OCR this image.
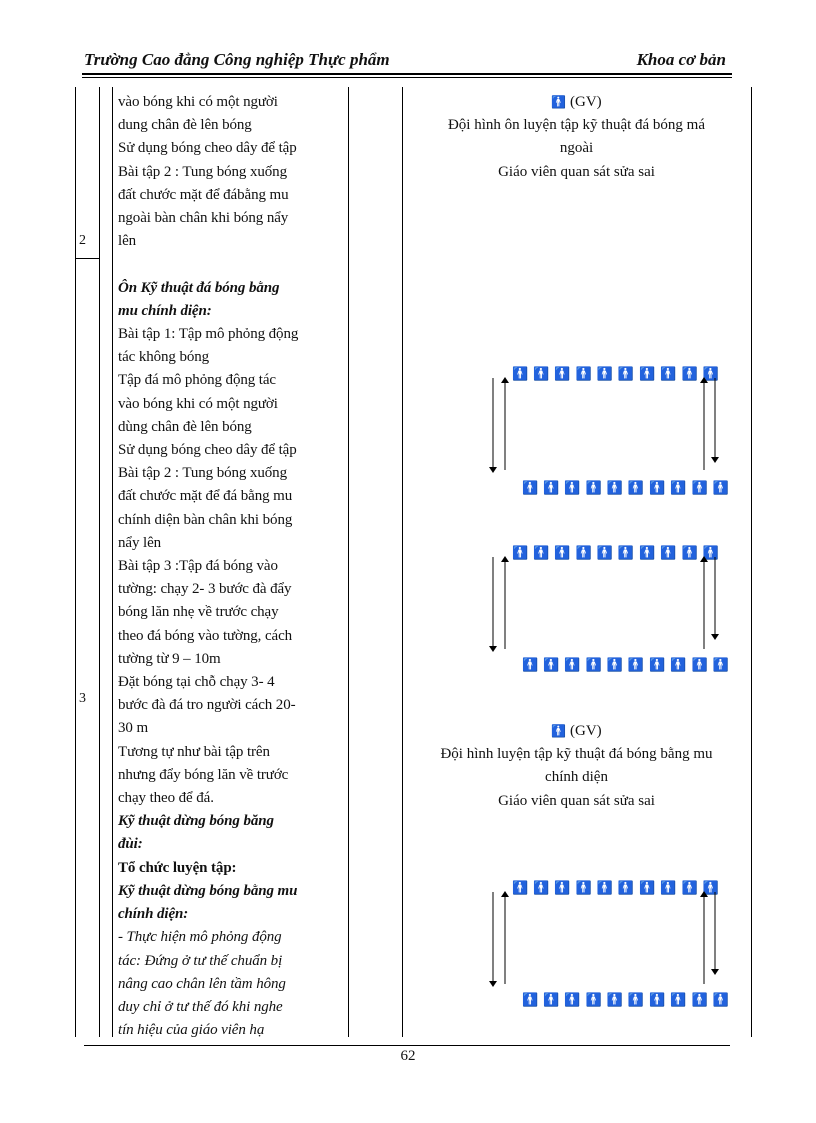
Trường Cao đẳng Công nghiệp Thực phẩm	Khoa cơ bản
2
3

vào bóng khi có một người

dung chân đè lên bóng

Sử dụng bóng cheo dây để tập

Bài tập 2 : Tung bóng xuống

đất chước mặt để đábằng mu

ngoài bàn chân khi bóng nẩy

lên

Ôn Kỹ thuật đá bóng bằng

mu chính diện:

Bài tập 1: Tập mô phỏng động

tác không bóng

Tập đá mô phỏng động tác

vào bóng khi có một người

dùng chân đè lên bóng

Sử dụng bóng cheo dây để tập

Bài tập 2 : Tung bóng xuống

đất chước mặt để đá bằng mu

chính diện bàn chân khi bóng

nẩy lên

Bài tập 3 :Tập đá bóng vào

tường: chạy 2- 3 bước đà đẩy

bóng lăn nhẹ về trước chạy

theo đá bóng vào tường, cách

tường từ 9 – 10m

Đặt bóng tại chỗ chạy 3- 4

bước đà đá tro người cách 20-

30 m

Tương tự như bài tập trên

nhưng đẩy bóng lăn về trước

chạy theo để đá.

Kỹ thuật dừng bóng băng

đùi:

Tổ chức luyện tập:

Kỹ thuật dừng bóng bằng mu

chính diện:

- Thực hiện mô phỏng động

tác: Đứng ở tư thế chuẩn bị

nâng cao chân lên tầm hông

duy chỉ ở tư thế đó khi nghe

tín hiệu của giáo viên hạ

🚹 (GV)

Đội hình ôn luyện tập kỹ thuật đá bóng má

ngoài

Giáo viên quan sát sửa sai

🚹🚹🚹🚹🚹🚹🚹🚹🚹🚹
🚹🚹🚹🚹🚹🚹🚹🚹🚹🚹
🚹🚹🚹🚹🚹🚹🚹🚹🚹🚹
🚹🚹🚹🚹🚹🚹🚹🚹🚹🚹

🚹 (GV)

Đội hình luyện tập kỹ thuật đá bóng bằng mu

chính diện

Giáo viên quan sát sửa sai

🚹🚹🚹🚹🚹🚹🚹🚹🚹🚹
🚹🚹🚹🚹🚹🚹🚹🚹🚹🚹
62
